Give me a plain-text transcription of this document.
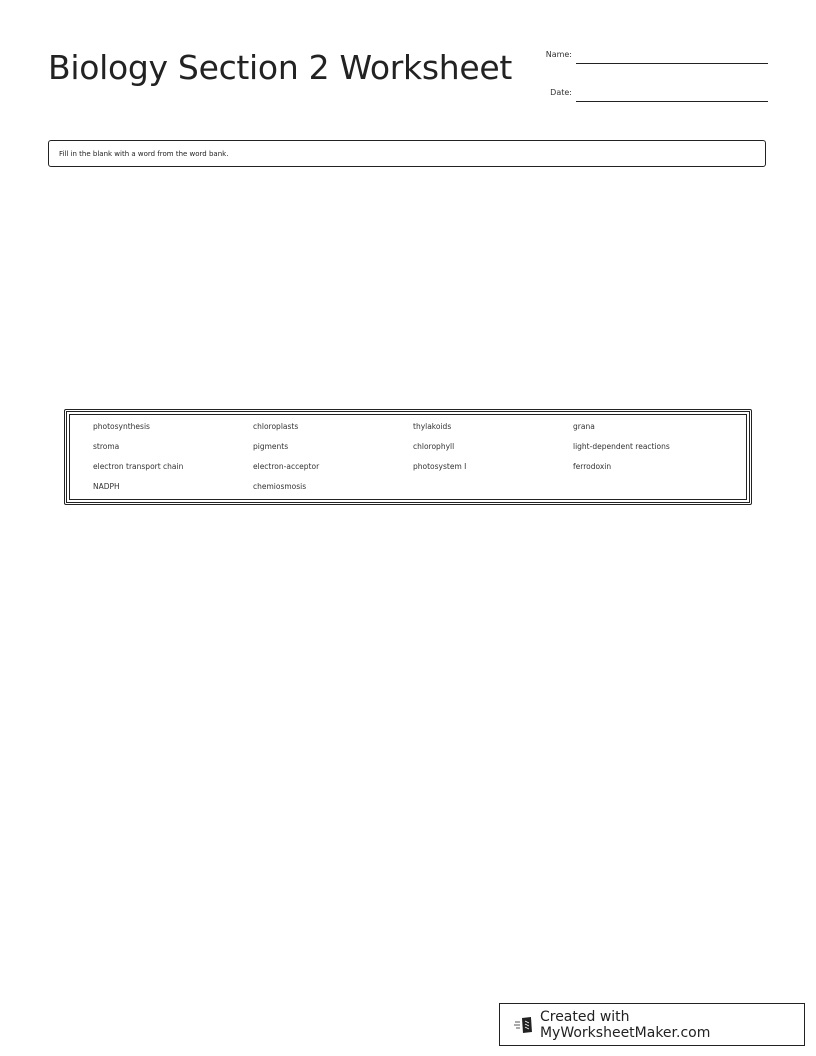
Biology Section 2 Worksheet	Name:
Date:
Fill in the blank with a word from the word bank.
photosynthesis	chloroplasts	thylakoids	grana
stroma	pigments	chlorophyll	light-dependent reactions
electron transport chain	electron-acceptor	photosystem I	ferrodoxin
NADPH	chemiosmosis
Created with MyWorksheetMaker.com
